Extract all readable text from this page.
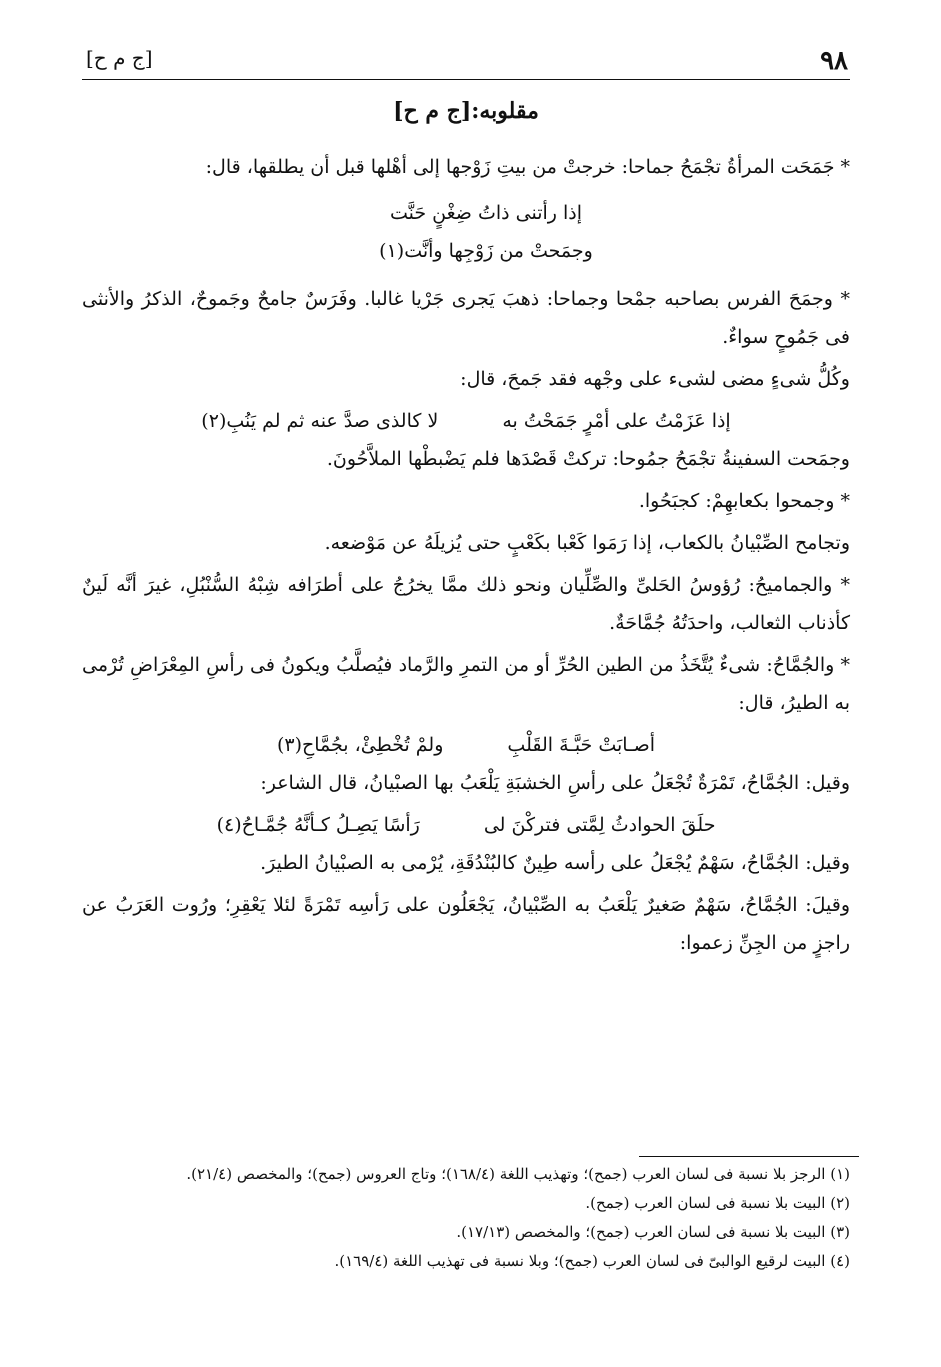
٩٨
[ج م ح]
مقلوبه:[ج م ح]

* جَمَحَت المرأةُ تجْمَحُ جماحا: خرجتْ من بيتِ زَوْجها إلى أهْلها قبل أن يطلقها، قال:

إذا رأتنى ذاتُ ضِغْنٍ حَنَّت

وجمَحتْ من زَوْجِها وأنَّت(١)

* وجمَحَ الفرس بصاحبه جمْحا وجماحا: ذهبَ يَجرى جَرْيا غالبا. وفَرَسٌ جامحٌ وجَموحٌ، الذكرُ والأنثى فى جَمُوحٍ سواءٌ.

وكُلُّ شىءٍ مضى لشىء على وجْهه فقد جَمحَ، قال:

إذا عَزَمْتُ على أمْرٍ جَمَحْتُ به
لا كالذى صدَّ عنه ثم لم يَنُبِ(٢)

وجمَحت السفينةُ تجْمَحُ جمُوحا: تركتْ قَصْدَها فلم يَضْبطْها الملاَّحُونَ.

* وجمحوا بكعابهِمْ: كجبَحُوا.

وتجامح الصِّبْيانُ بالكعاب، إذا رَمَوا كَعْبا بكَعْبٍ حتى يُزيلَهُ عن مَوْضعه.

* والجماميحُ: رُؤوسُ الحَلىِّ والصِّلِّيان ونحو ذلك ممَّا يخرُجُ على أطرَافه شِبْهُ السُّنْبُلِ، غيرَ أنَّه لَينٌ كأذناب الثعالب، واحدَتُهُ جُمَّاحَةٌ.

* والجُمَّاحُ: شىءٌ يُتَّخَذُ من الطين الحُرِّ أو من التمرِ والرَّماد فيُصلَّبُ ويكونُ فى رأسِ المِعْرَاضِ تُرْمى به الطيرُ، قال:

أصـابَتْ حَبَّـةَ القَلْبِ
ولمْ تُخْطِئْ، بجُمَّاحِ(٣)

وقيل: الجُمَّاحُ، تَمْرَةٌ تُجْعَلُ على رأسِ الخشبَةِ يَلْعَبُ بها الصبْيانُ، قال الشاعر:

حلَقَ الحوادثُ لِمَّتى فتركْنَ لى
رَأسًا يَصِـلُ كـأنَّهُ جُمَّـاحُ(٤)

وقيل: الجُمَّاحُ، سَهْمٌ يُجْعَلُ على رأسه طِينٌ كالبُنْدُقَةِ، يُرْمى به الصبْيانُ الطيرَ.

وقيلَ: الجُمَّاحُ، سَهْمٌ صَغيرٌ يَلْعَبُ به الصِّبْيانُ، يَجْعَلُون على رَأسِه تَمْرَةً لئلا يَعْقِرِ؛ ورُوت العَرَبُ عن راجزٍ من الجِنِّ زعموا:

(١) الرجز بلا نسبة فى لسان العرب (جمح)؛ وتهذيب اللغة (١٦٨/٤)؛ وتاج العروس (جمح)؛ والمخصص (٢١/٤).

(٢) البيت بلا نسبة فى لسان العرب (جمح).

(٣) البيت بلا نسبة فى لسان العرب (جمح)؛ والمخصص (١٧/١٣).

(٤) البيت لرقيع الوالبىّ فى لسان العرب (جمح)؛ وبلا نسبة فى تهذيب اللغة (١٦٩/٤).
